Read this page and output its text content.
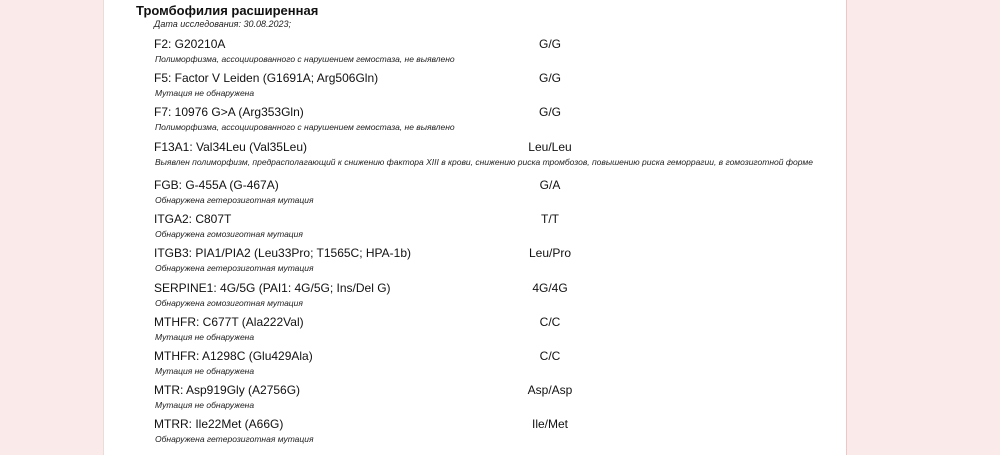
Тромбофилия расширенная
Дата исследования: 30.08.2023;
F2: G20210A	G/G
Полиморфизма, ассоциированного с нарушением гемостаза, не выявлено
F5: Factor V Leiden (G1691A; Arg506Gln)	G/G
Мутация не обнаружена
F7: 10976 G>A (Arg353Gln)	G/G
Полиморфизма, ассоциированного с нарушением гемостаза, не выявлено
F13A1: Val34Leu (Val35Leu)	Leu/Leu
Выявлен полиморфизм, предрасполагающий к снижению фактора XIII в крови, снижению риска тромбозов, повышению риска геморрагии, в гомозиготной форме
FGB: G-455A (G-467A)	G/A
Обнаружена гетерозиготная мутация
ITGA2: C807T	T/T
Обнаружена гомозиготная мутация
ITGB3: PIA1/PIA2 (Leu33Pro; T1565C; HPA-1b)	Leu/Pro
Обнаружена гетерозиготная мутация
SERPINE1: 4G/5G (PAI1: 4G/5G; Ins/Del G)	4G/4G
Обнаружена гомозиготная мутация
MTHFR: C677T (Ala222Val)	C/C
Мутация не обнаружена
MTHFR: A1298C (Glu429Ala)	C/C
Мутация не обнаружена
MTR: Asp919Gly (A2756G)	Asp/Asp
Мутация не обнаружена
MTRR: Ile22Met (A66G)	Ile/Met
Обнаружена гетерозиготная мутация
